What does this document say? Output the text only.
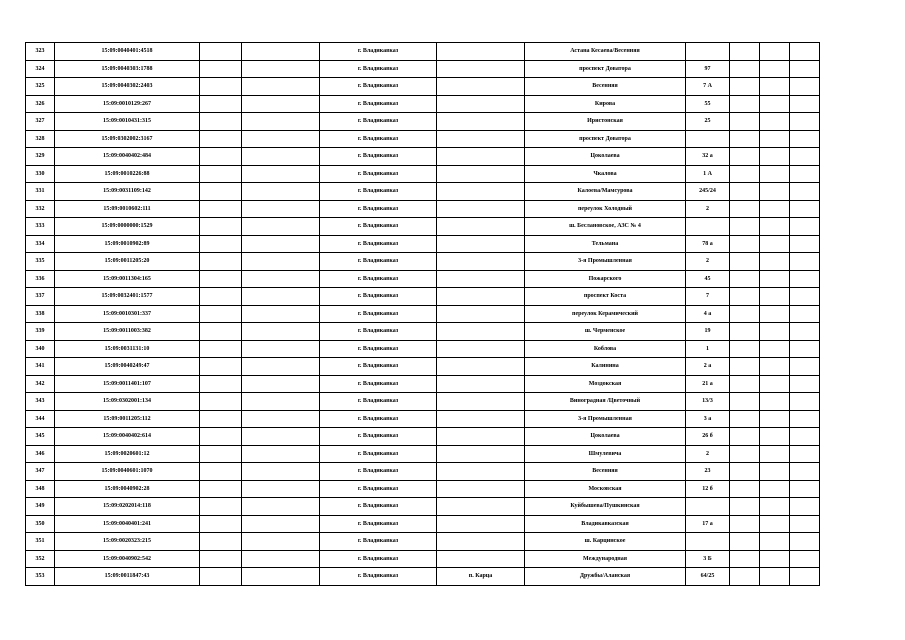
323	15:09:0040401:4518			г. Владикавказ		Астана Кесаева/Весенняя				
324	15:09:0040303:1788			г. Владикавказ		проспект Доватора	97			
325	15:09:0040302:2403			г. Владикавказ		Весенняя	7 А			
326	15:09:0010129:267			г. Владикавказ		Кирова	55			
327	15:09:0010431:315			г. Владикавказ		Иристонская	25			
328	15:09:0302002:3167			г. Владикавказ		проспект Доватора				
329	15:09:0040402:484			г. Владикавказ		Цоколаева	32 а			
330	15:09:0010226:88			г. Владикавказ		Чкалова	1 А			
331	15:09:0031109:142			г. Владикавказ		Калоева/Мамсурова	245/24			
332	15:09:0010602:111			г. Владикавказ		переулок Холодный	2			
333	15:09:0000000:1529			г. Владикавказ		ш. Беслановское, АЗС № 4				
334	15:09:0010902:89			г. Владикавказ		Тельмана	78 а			
335	15:09:0011205:20			г. Владикавказ		3-я Промышленная	2			
336	15:09:0011304:165			г. Владикавказ		Пожарского	45			
337	15:09:0032401:1577			г. Владикавказ		проспект Коста	7			
338	15:09:0010301:337			г. Владикавказ		переулок Керамический	4 а			
339	15:09:0011003:382			г. Владикавказ		ш. Черменское	19			
340	15:09:0031131:10			г. Владикавказ		Коблова	1			
341	15:09:0040249:47			г. Владикавказ		Калинина	2 а			
342	15:09:0011401:107			г. Владикавказ		Моздокская	21 а			
343	15:09:0302001:134			г. Владикавказ		Виноградная /Цветочный	13/3			
344	15:09:0011205:112			г. Владикавказ		3-я Промышленная	3 а			
345	15:09:0040402:614			г. Владикавказ		Цоколаева	26 б			
346	15:09:0020601:12			г. Владикавказ		Шмулевича	2			
347	15:09:0040601:1070			г. Владикавказ		Весенняя	23			
348	15:09:0040902:28			г. Владикавказ		Московская	12 б			
349	15:09:0202014:118			г. Владикавказ		Куйбышева/Пушкинская				
350	15:09:0040401:241			г. Владикавказ		Владикавказская	17 а			
351	15:09:0020323:215			г. Владикавказ		ш. Карцинское				
352	15:09:0040902:542			г. Владикавказ		Международная	3 Б			
353	15:09:0011847:43			г. Владикавказ	п. Карца	Дружбы/Аланская	64/25			
